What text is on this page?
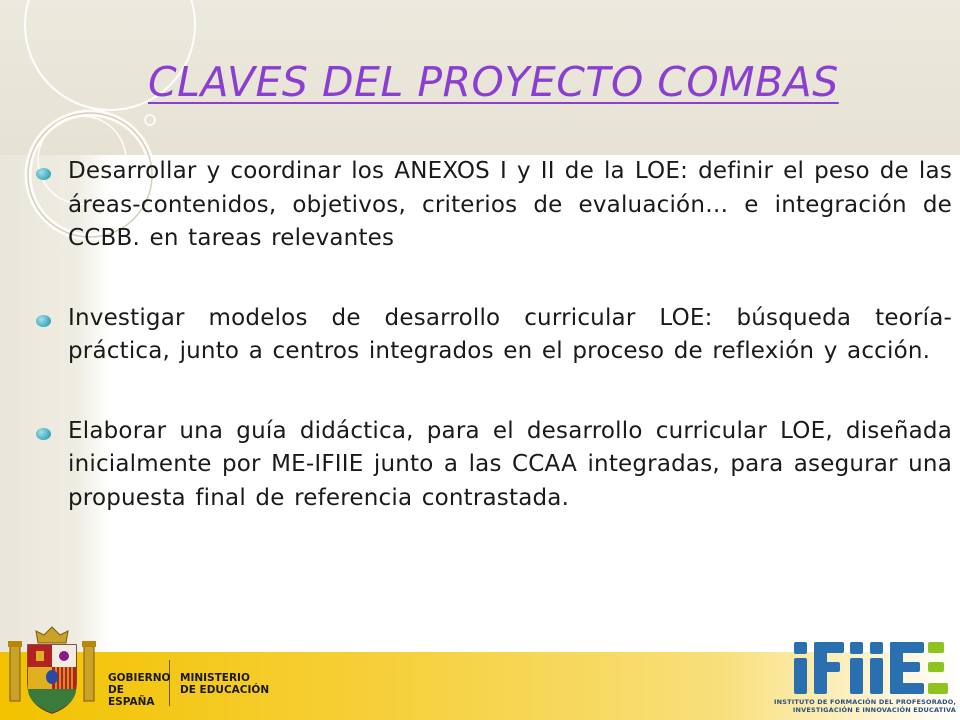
CLAVES DEL PROYECTO COMBAS
Desarrollar y coordinar los ANEXOS I y II de la LOE: definir el peso de las áreas-contenidos, objetivos, criterios de evaluación… e integración de CCBB. en tareas relevantes
Investigar modelos de desarrollo curricular LOE: búsqueda teoría-práctica, junto a centros integrados en el proceso de reflexión y acción.
Elaborar una guía didáctica, para el desarrollo curricular LOE, diseñada inicialmente por ME-IFIIE junto a las CCAA integradas, para asegurar una propuesta final de referencia contrastada.
GOBIERNO
DE ESPAÑA
MINISTERIO
DE EDUCACIÓN
INSTITUTO DE FORMACIÓN DEL PROFESORADO,
INVESTIGACIÓN E INNOVACIÓN EDUCATIVA
